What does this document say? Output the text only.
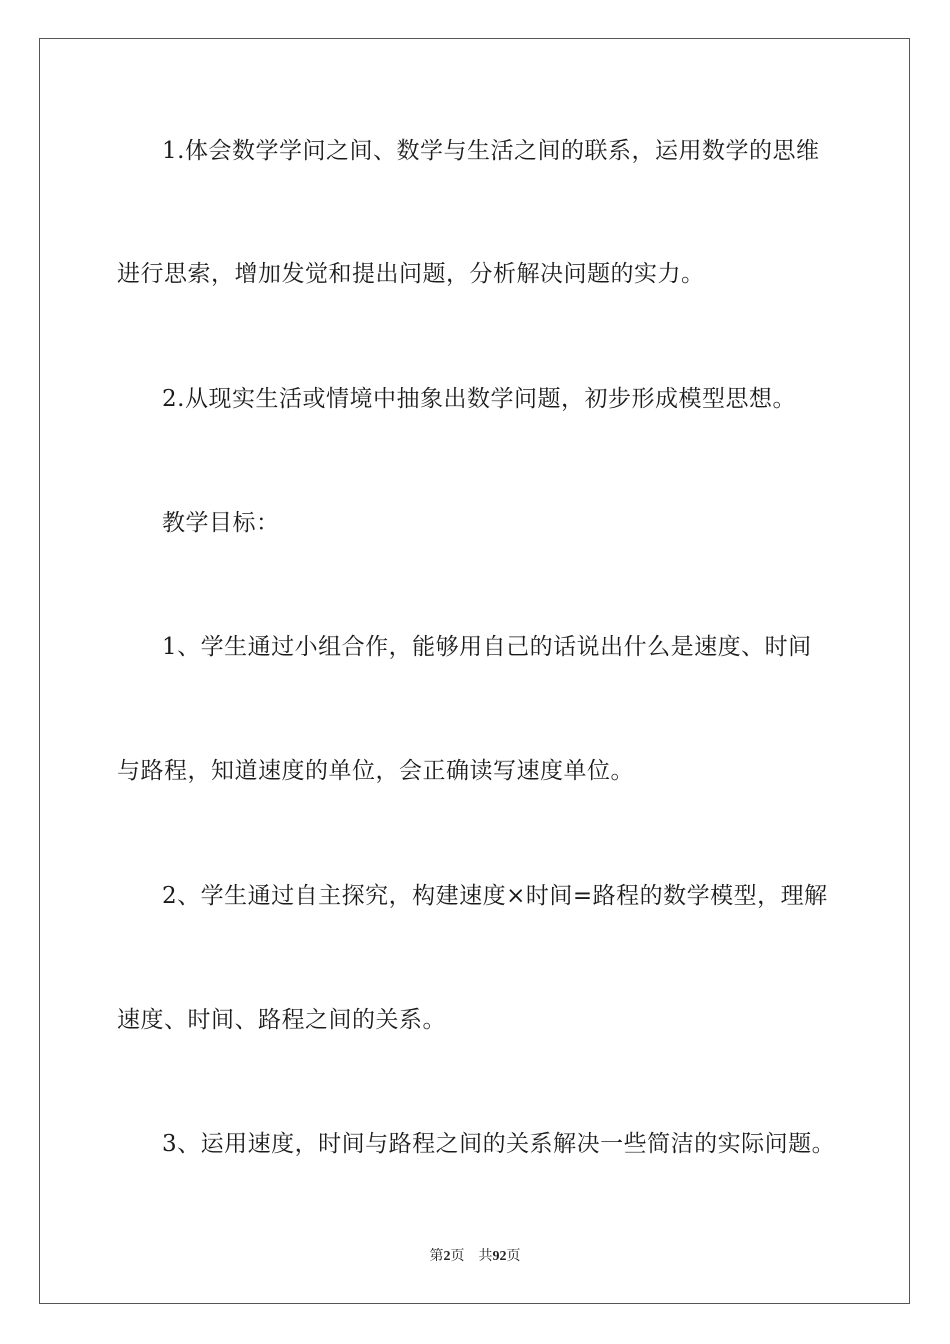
1.体会数学学问之间、数学与生活之间的联系，运用数学的思维
进行思索，增加发觉和提出问题，分析解决问题的实力。
2.从现实生活或情境中抽象出数学问题，初步形成模型思想。
教学目标：
1、学生通过小组合作，能够用自己的话说出什么是速度、时间
与路程，知道速度的单位，会正确读写速度单位。
2、学生通过自主探究，构建速度×时间=路程的数学模型，理解
速度、时间、路程之间的关系。
3、运用速度，时间与路程之间的关系解决一些简洁的实际问题。
第2页 共92页
